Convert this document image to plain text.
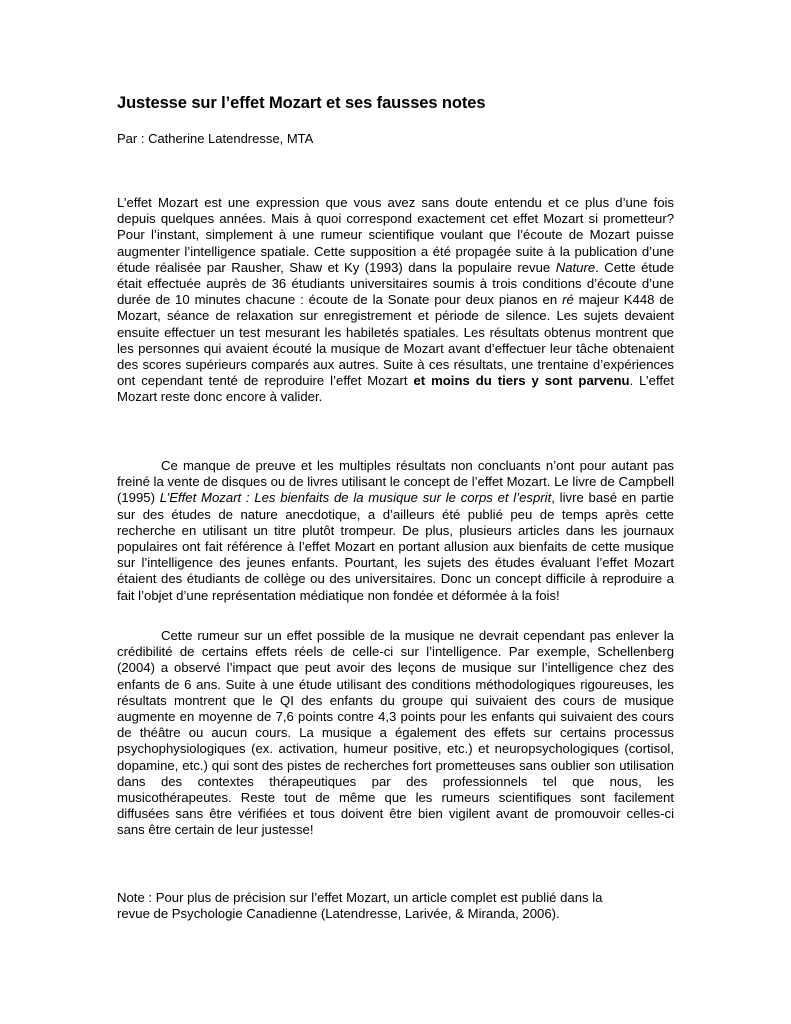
Justesse sur l’effet Mozart et ses fausses notes

Par : Catherine Latendresse, MTA

L’effet Mozart est une expression que vous avez sans doute entendu et ce plus d’une fois depuis quelques années. Mais à quoi correspond exactement cet effet Mozart si prometteur? Pour l’instant, simplement à une rumeur scientifique voulant que l’écoute de Mozart puisse augmenter l’intelligence spatiale. Cette supposition a été propagée suite à la publication d’une étude réalisée par Rausher, Shaw et Ky (1993) dans la populaire revue Nature. Cette étude était effectuée auprès de 36 étudiants universitaires soumis à trois conditions d’écoute d’une durée de 10 minutes chacune : écoute de la Sonate pour deux pianos en ré majeur K448 de Mozart, séance de relaxation sur enregistrement et période de silence. Les sujets devaient ensuite effectuer un test mesurant les habiletés spatiales. Les résultats obtenus montrent que les personnes qui avaient écouté la musique de Mozart avant d’effectuer leur tâche obtenaient des scores supérieurs comparés aux autres. Suite à ces résultats, une trentaine d’expériences ont cependant tenté de reproduire l’effet Mozart et moins du tiers y sont parvenu. L’effet Mozart reste donc encore à valider.

Ce manque de preuve et les multiples résultats non concluants n’ont pour autant pas freiné la vente de disques ou de livres utilisant le concept de l’effet Mozart. Le livre de Campbell (1995) L’Effet Mozart : Les bienfaits de la musique sur le corps et l’esprit, livre basé en partie sur des études de nature anecdotique, a d’ailleurs été publié peu de temps après cette recherche en utilisant un titre plutôt trompeur. De plus, plusieurs articles dans les journaux populaires ont fait référence à l’effet Mozart en portant allusion aux bienfaits de cette musique sur l’intelligence des jeunes enfants. Pourtant, les sujets des études évaluant l’effet Mozart étaient des étudiants de collège ou des universitaires. Donc un concept difficile à reproduire a fait l’objet d’une représentation médiatique non fondée et déformée à la fois!

Cette rumeur sur un effet possible de la musique ne devrait cependant pas enlever la crédibilité de certains effets réels de celle-ci sur l’intelligence. Par exemple, Schellenberg (2004) a observé l’impact que peut avoir des leçons de musique sur l’intelligence chez des enfants de 6 ans. Suite à une étude utilisant des conditions méthodologiques rigoureuses, les résultats montrent que le QI des enfants du groupe qui suivaient des cours de musique augmente en moyenne de 7,6 points contre 4,3 points pour les enfants qui suivaient des cours de théâtre ou aucun cours. La musique a également des effets sur certains processus psychophysiologiques (ex. activation, humeur positive, etc.) et neuropsychologiques (cortisol, dopamine, etc.) qui sont des pistes de recherches fort prometteuses sans oublier son utilisation dans des contextes thérapeutiques par des professionnels tel que nous, les musicothérapeutes. Reste tout de même que les rumeurs scientifiques sont facilement diffusées sans être vérifiées et tous doivent être bien vigilent avant de promouvoir celles-ci sans être certain de leur justesse!

Note : Pour plus de précision sur l’effet Mozart, un article complet est publié dans la
revue de Psychologie Canadienne (Latendresse, Larivée, & Miranda, 2006).
